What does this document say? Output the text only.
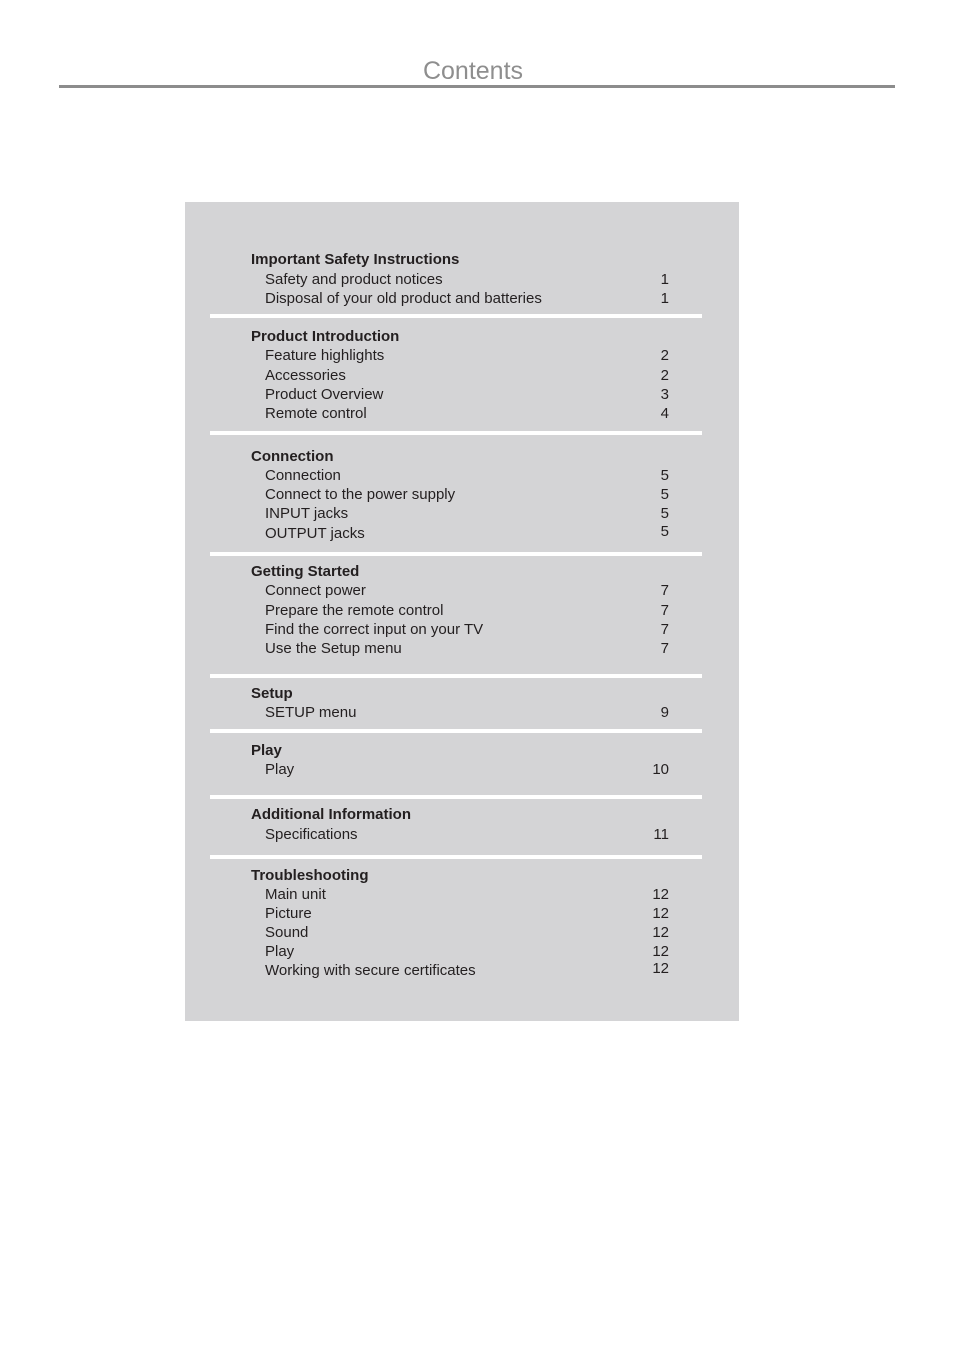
Contents
Important Safety Instructions
Safety and product notices	1
Disposal of your old product and batteries	1
Product Introduction
Feature highlights	2
Accessories	2
Product Overview	3
Remote control	4
Connection
Connection	5
Connect to the power supply	5
INPUT jacks	5
OUTPUT jacks	5
Getting Started
Connect power	7
Prepare the remote control	7
Find the correct input on your TV	7
Use the Setup menu	7
Setup
SETUP menu	9
Play
Play	10
Additional Information
Specifications	11
Troubleshooting
Main unit	12
Picture	12
Sound	12
Play	12
Working with secure certificates	12
